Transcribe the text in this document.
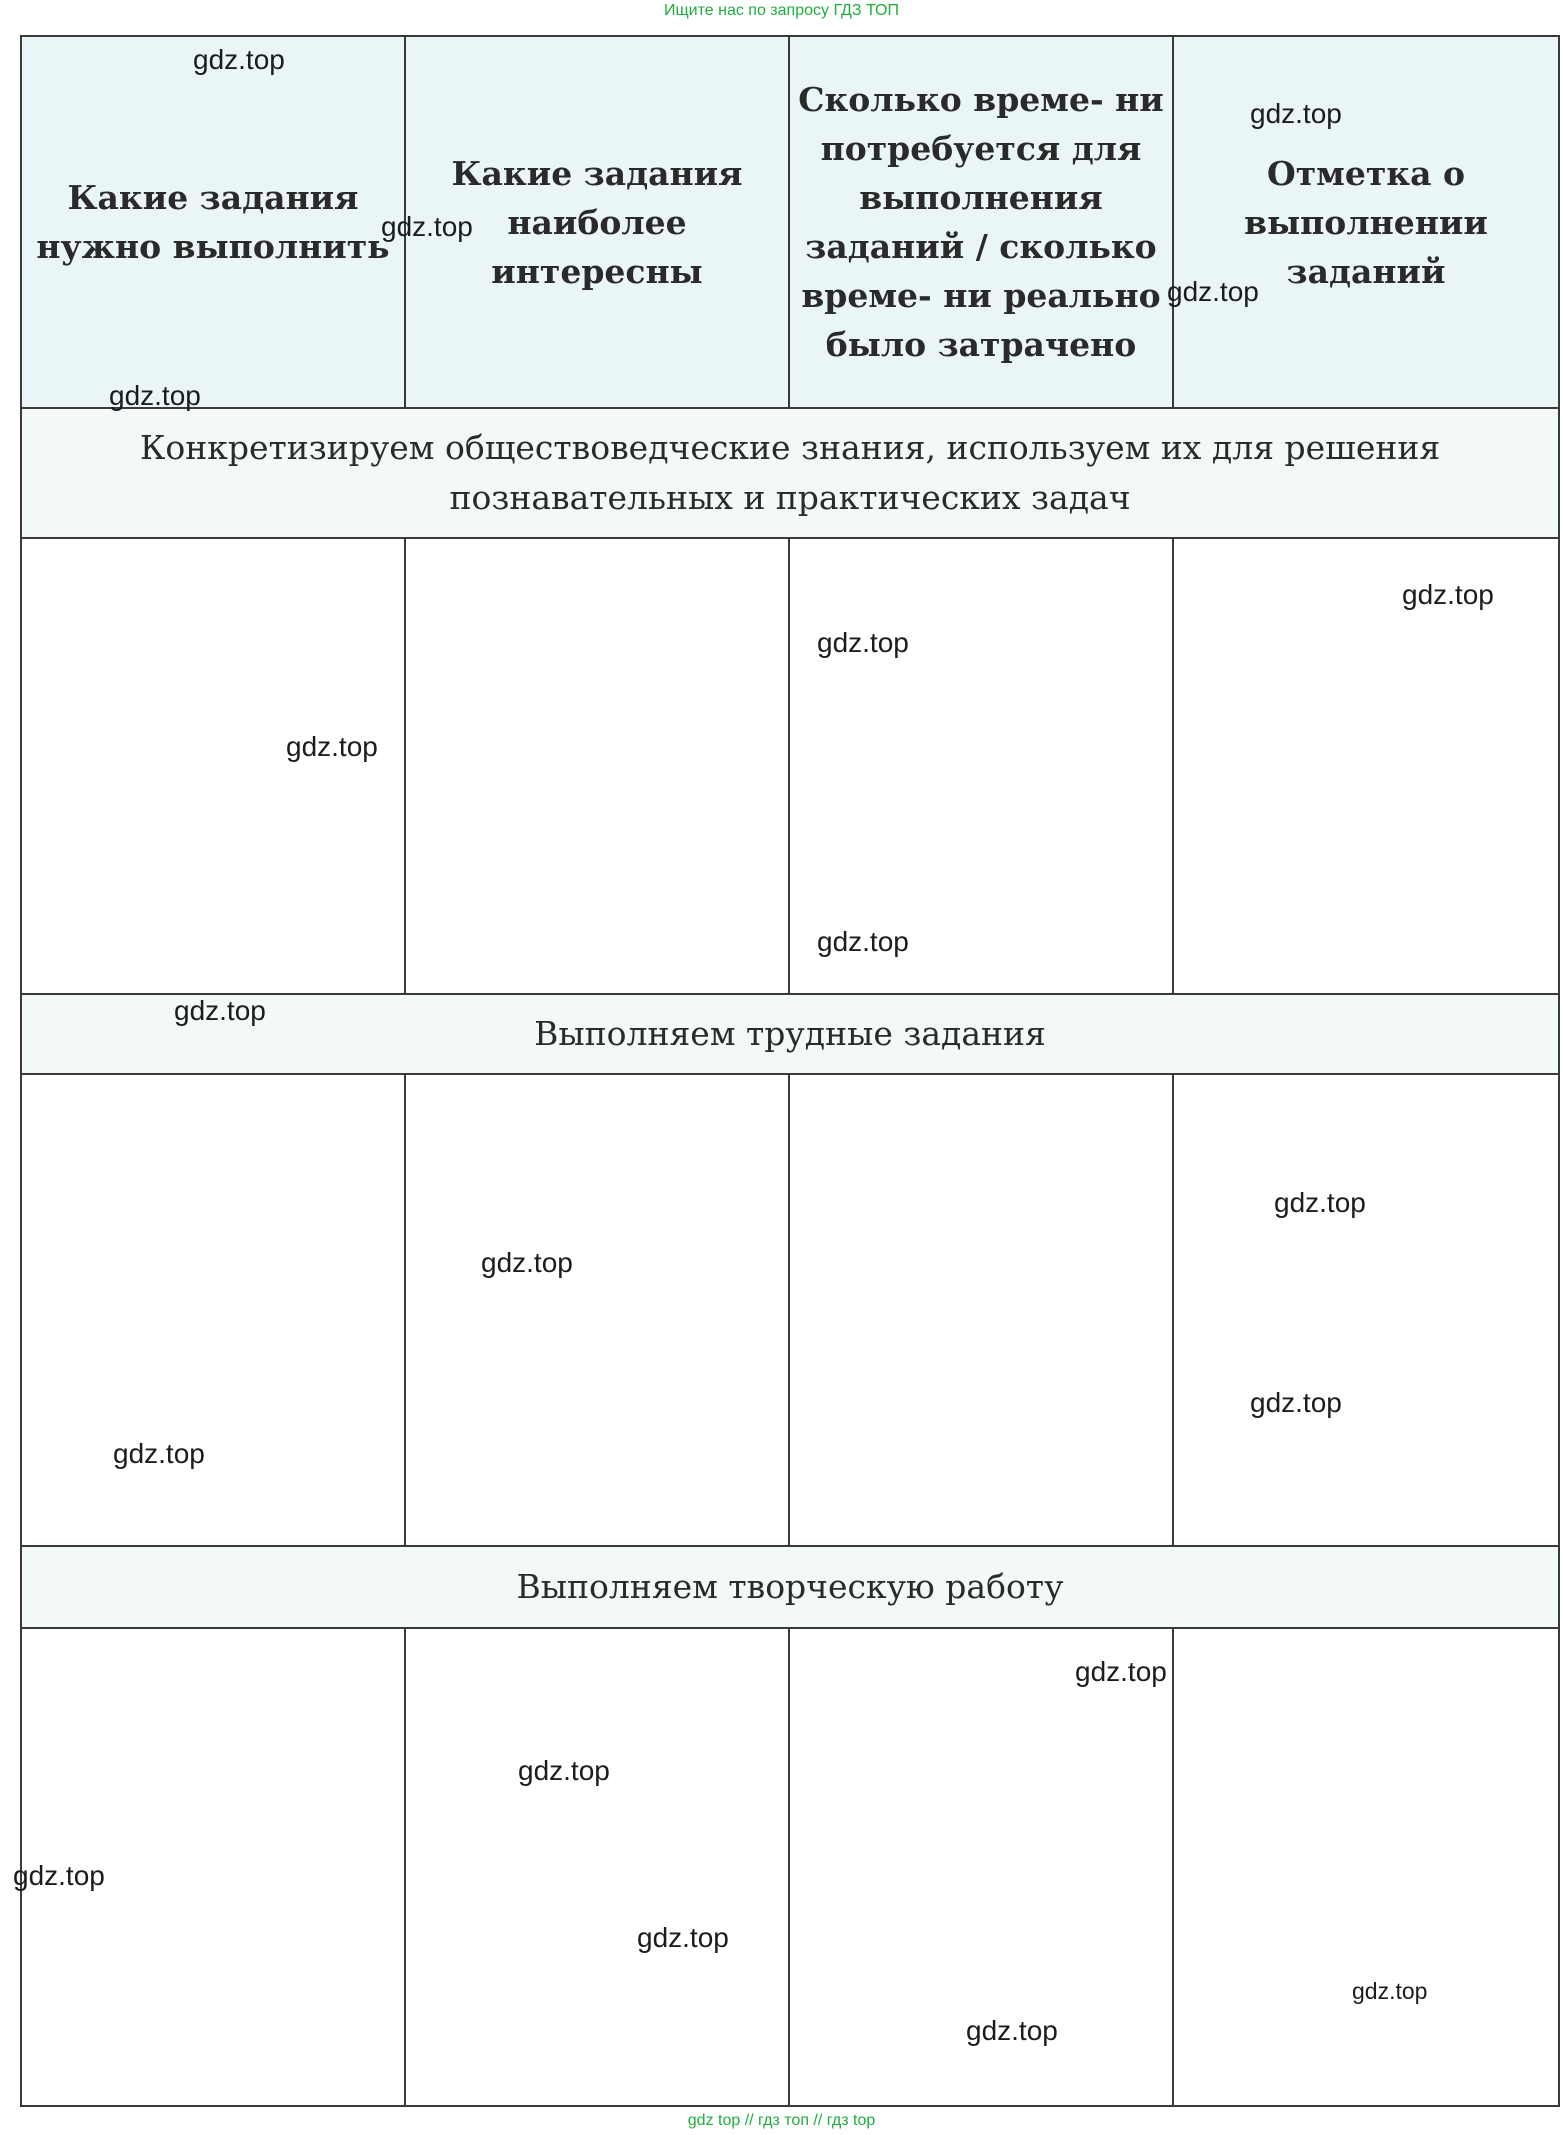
Ищите нас по запросу ГДЗ ТОП
Какие задания нужно выполнить	Какие задания наиболее интересны	Сколько време- ни потребуется для выполнения заданий / сколько време- ни реально было затрачено	Отметка о выполнении заданий
Конкретизируем обществоведческие знания, используем их для решения познавательных и практических задач			

Выполняем трудные задания			

Выполняем творческую работу			

gdz.top
gdz.top
gdz.top
gdz.top
gdz.top
gdz.top
gdz.top
gdz.top
gdz.top
gdz.top
gdz.top
gdz.top
gdz.top
gdz.top
gdz.top
gdz.top
gdz.top
gdz.top
gdz.top
gdz.top
gdz top // гдз топ // гдз top
